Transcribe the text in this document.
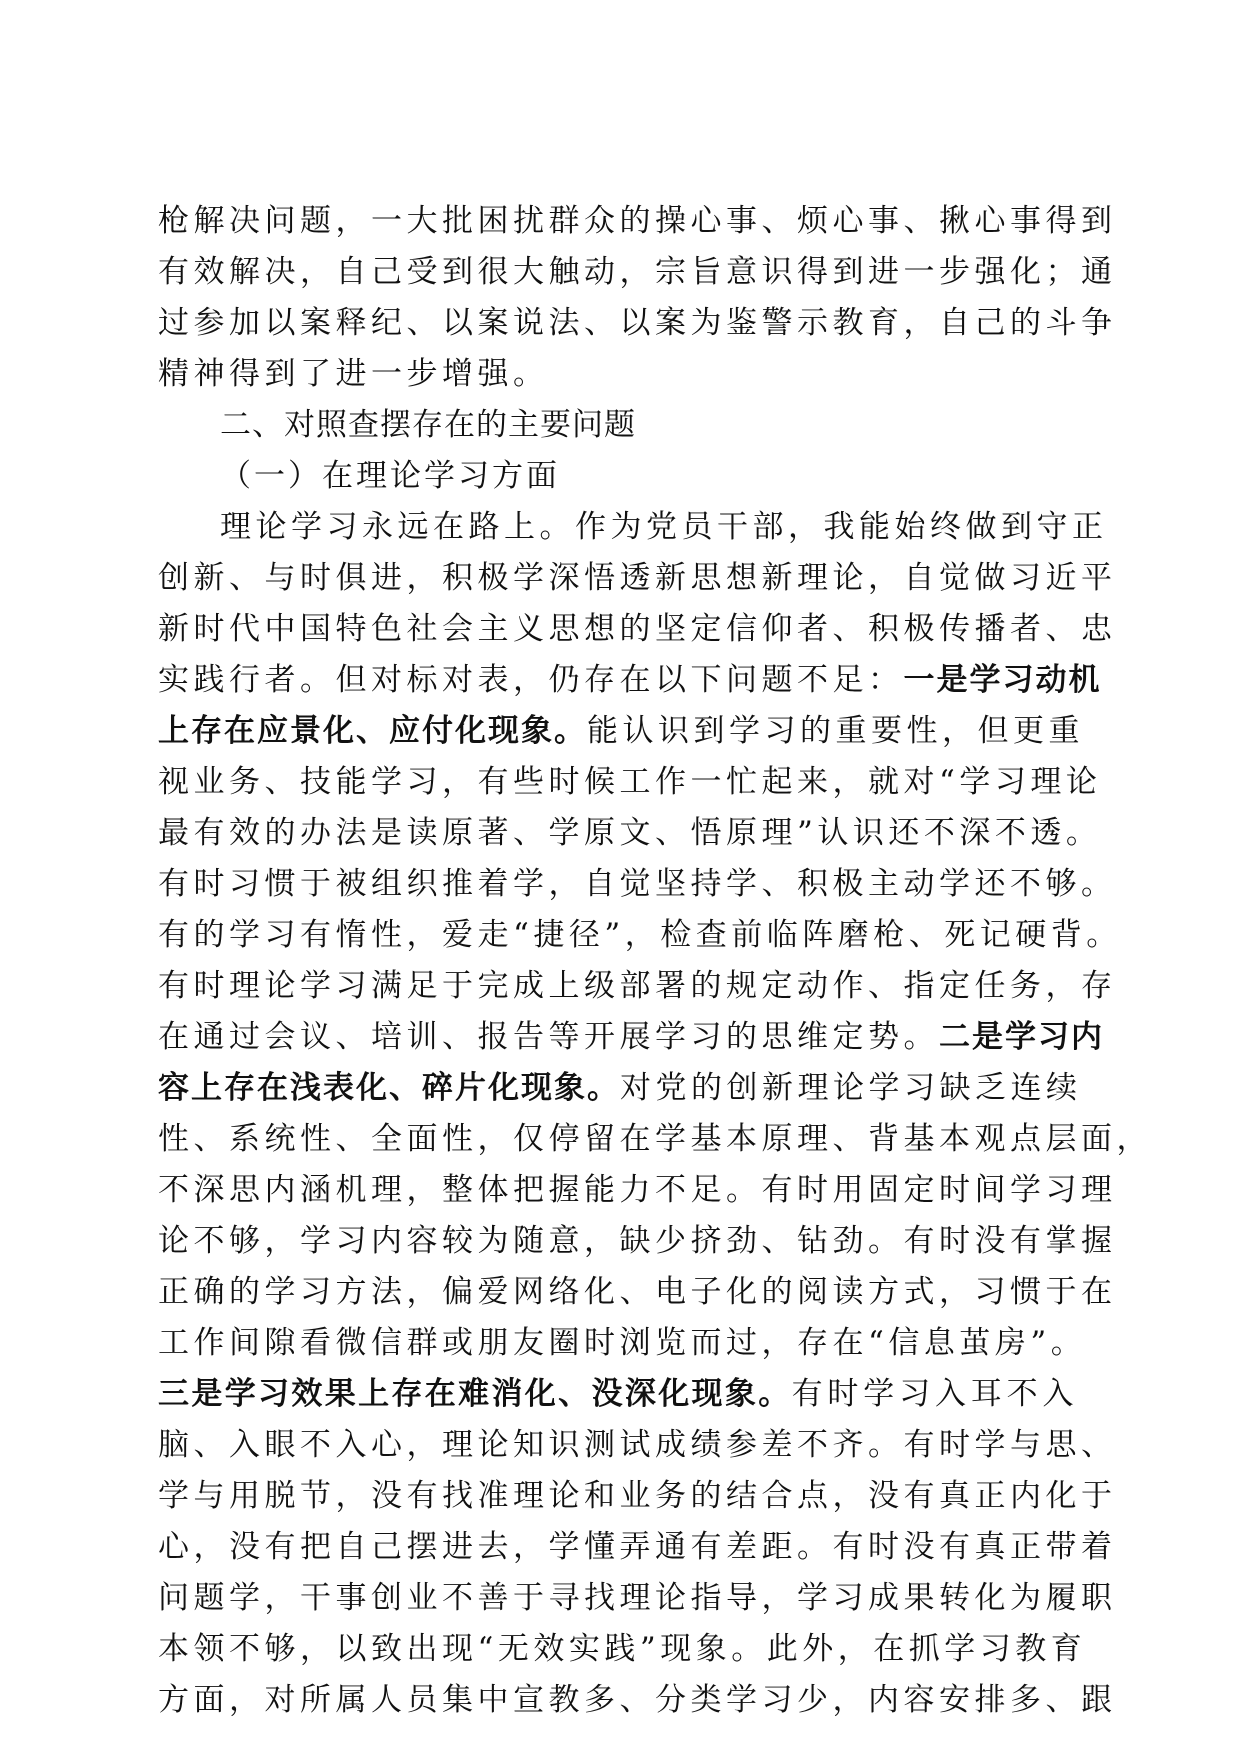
枪解决问题，一大批困扰群众的操心事、烦心事、揪心事得到
有效解决，自己受到很大触动，宗旨意识得到进一步强化；通
过参加以案释纪、以案说法、以案为鉴警示教育，自己的斗争
精神得到了进一步增强。
二、对照查摆存在的主要问题
（一）在理论学习方面
理论学习永远在路上。作为党员干部，我能始终做到守正
创新、与时俱进，积极学深悟透新思想新理论，自觉做习近平
新时代中国特色社会主义思想的坚定信仰者、积极传播者、忠
实践行者。但对标对表，仍存在以下问题不足：一是学习动机
上存在应景化、应付化现象。能认识到学习的重要性，但更重
视业务、技能学习，有些时候工作一忙起来，就对“学习理论
最有效的办法是读原著、学原文、悟原理”认识还不深不透。
有时习惯于被组织推着学，自觉坚持学、积极主动学还不够。
有的学习有惰性，爱走“捷径”，检查前临阵磨枪、死记硬背。
有时理论学习满足于完成上级部署的规定动作、指定任务，存
在通过会议、培训、报告等开展学习的思维定势。二是学习内
容上存在浅表化、碎片化现象。对党的创新理论学习缺乏连续
性、系统性、全面性，仅停留在学基本原理、背基本观点层面，
不深思内涵机理，整体把握能力不足。有时用固定时间学习理
论不够，学习内容较为随意，缺少挤劲、钻劲。有时没有掌握
正确的学习方法，偏爱网络化、电子化的阅读方式，习惯于在
工作间隙看微信群或朋友圈时浏览而过，存在“信息茧房”。
三是学习效果上存在难消化、没深化现象。有时学习入耳不入
脑、入眼不入心，理论知识测试成绩参差不齐。有时学与思、
学与用脱节，没有找准理论和业务的结合点，没有真正内化于
心，没有把自己摆进去，学懂弄通有差距。有时没有真正带着
问题学，干事创业不善于寻找理论指导，学习成果转化为履职
本领不够，以致出现“无效实践”现象。此外，在抓学习教育
方面，对所属人员集中宣教多、分类学习少，内容安排多、跟
